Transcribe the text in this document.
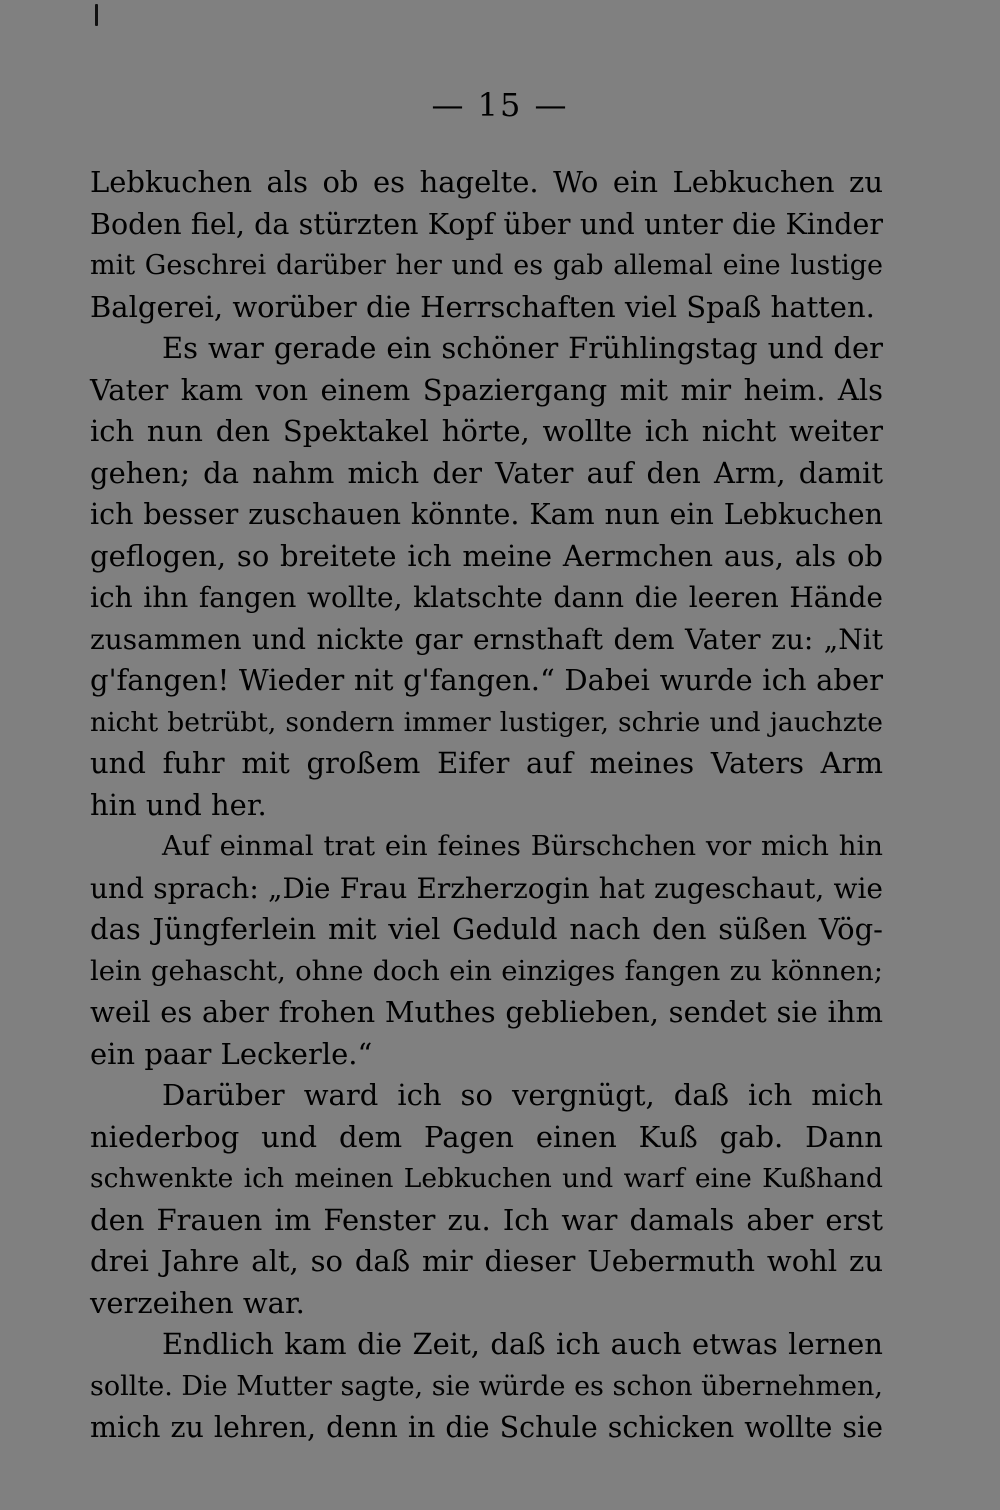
— 15 —
Lebkuchen als ob es hagelte. Wo ein Lebkuchen zu
Boden fiel, da stürzten Kopf über und unter die Kinder
mit Geschrei darüber her und es gab allemal eine lustige
Balgerei, worüber die Herrschaften viel Spaß hatten.
Es war gerade ein schöner Frühlingstag und der
Vater kam von einem Spaziergang mit mir heim. Als
ich nun den Spektakel hörte, wollte ich nicht weiter
gehen; da nahm mich der Vater auf den Arm, damit
ich besser zuschauen könnte. Kam nun ein Lebkuchen
geflogen, so breitete ich meine Aermchen aus, als ob
ich ihn fangen wollte, klatschte dann die leeren Hände
zusammen und nickte gar ernsthaft dem Vater zu: „Nit
g'fangen! Wieder nit g'fangen.“ Dabei wurde ich aber
nicht betrübt, sondern immer lustiger, schrie und jauchzte
und fuhr mit großem Eifer auf meines Vaters Arm
hin und her.
Auf einmal trat ein feines Bürschchen vor mich hin
und sprach: „Die Frau Erzherzogin hat zugeschaut, wie
das Jüngferlein mit viel Geduld nach den süßen Vög-
lein gehascht, ohne doch ein einziges fangen zu können;
weil es aber frohen Muthes geblieben, sendet sie ihm
ein paar Leckerle.“
Darüber ward ich so vergnügt, daß ich mich
niederbog und dem Pagen einen Kuß gab. Dann
schwenkte ich meinen Lebkuchen und warf eine Kußhand
den Frauen im Fenster zu. Ich war damals aber erst
drei Jahre alt, so daß mir dieser Uebermuth wohl zu
verzeihen war.
Endlich kam die Zeit, daß ich auch etwas lernen
sollte. Die Mutter sagte, sie würde es schon übernehmen,
mich zu lehren, denn in die Schule schicken wollte sie
